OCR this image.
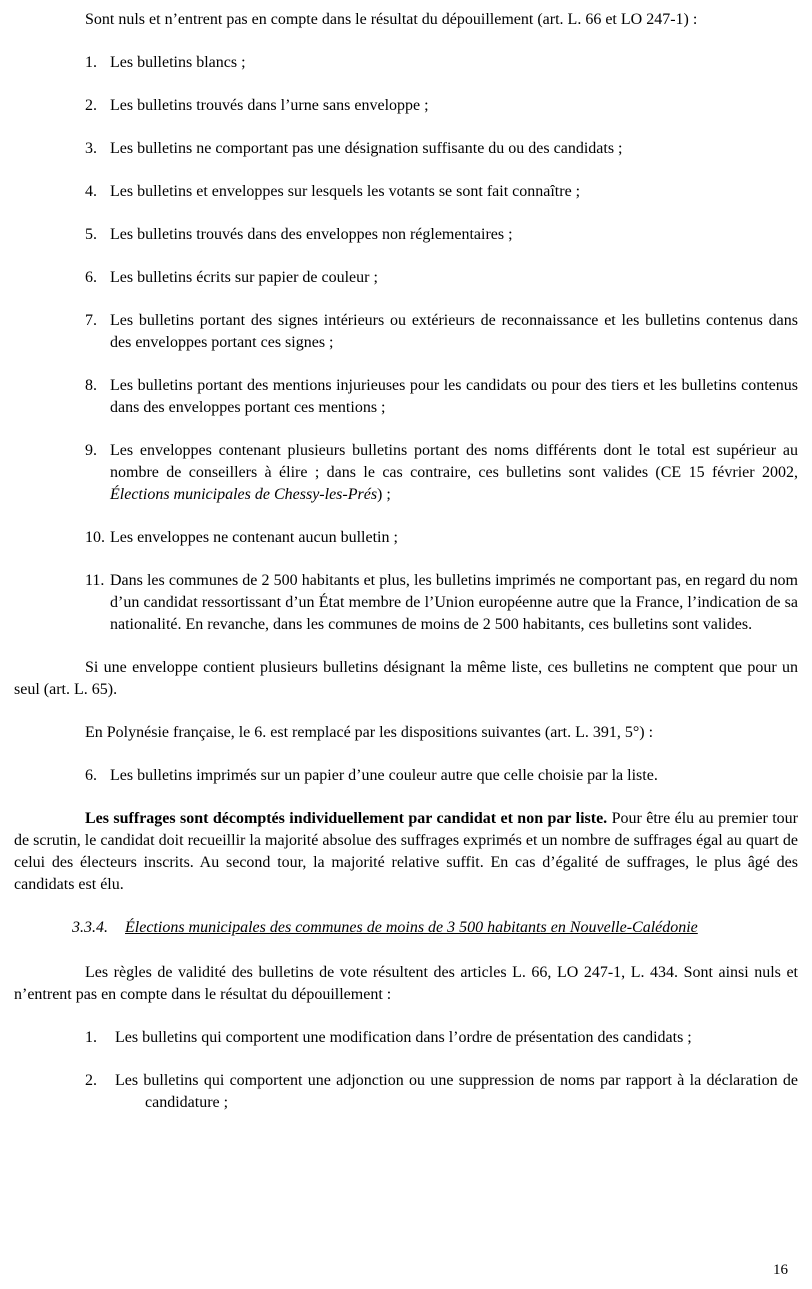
Sont nuls et n’entrent pas en compte dans le résultat du dépouillement (art. L. 66 et LO 247-1) :

1. Les bulletins blancs ;
2. Les bulletins trouvés dans l’urne sans enveloppe ;
3. Les bulletins ne comportant pas une désignation suffisante du ou des candidats ;
4. Les bulletins et enveloppes sur lesquels les votants se sont fait connaître ;
5. Les bulletins trouvés dans des enveloppes non réglementaires ;
6. Les bulletins écrits sur papier de couleur ;
7. Les bulletins portant des signes intérieurs ou extérieurs de reconnaissance et les bulletins contenus dans des enveloppes portant ces signes ;
8. Les bulletins portant des mentions injurieuses pour les candidats ou pour des tiers et les bulletins contenus dans des enveloppes portant ces mentions ;
9. Les enveloppes contenant plusieurs bulletins portant des noms différents dont le total est supérieur au nombre de conseillers à élire ; dans le cas contraire, ces bulletins sont valides (CE 15 février 2002, Élections municipales de Chessy-les-Prés) ;
10. Les enveloppes ne contenant aucun bulletin ;
11. Dans les communes de 2 500 habitants et plus, les bulletins imprimés ne comportant pas, en regard du nom d’un candidat ressortissant d’un État membre de l’Union européenne autre que la France, l’indication de sa nationalité. En revanche, dans les communes de moins de 2 500 habitants, ces bulletins sont valides.

Si une enveloppe contient plusieurs bulletins désignant la même liste, ces bulletins ne comptent que pour un seul (art. L. 65).

En Polynésie française, le 6. est remplacé par les dispositions suivantes (art. L. 391, 5°) :

6. Les bulletins imprimés sur un papier d’une couleur autre que celle choisie par la liste.

Les suffrages sont décomptés individuellement par candidat et non par liste. Pour être élu au premier tour de scrutin, le candidat doit recueillir la majorité absolue des suffrages exprimés et un nombre de suffrages égal au quart de celui des électeurs inscrits. Au second tour, la majorité relative suffit. En cas d’égalité de suffrages, le plus âgé des candidats est élu.

3.3.4. Élections municipales des communes de moins de 3 500 habitants en Nouvelle-Calédonie

Les règles de validité des bulletins de vote résultent des articles L. 66, LO 247-1, L. 434. Sont ainsi nuls et n’entrent pas en compte dans le résultat du dépouillement :

1. Les bulletins qui comportent une modification dans l’ordre de présentation des candidats ;
2. Les bulletins qui comportent une adjonction ou une suppression de noms par rapport à la déclaration de candidature ;
16
